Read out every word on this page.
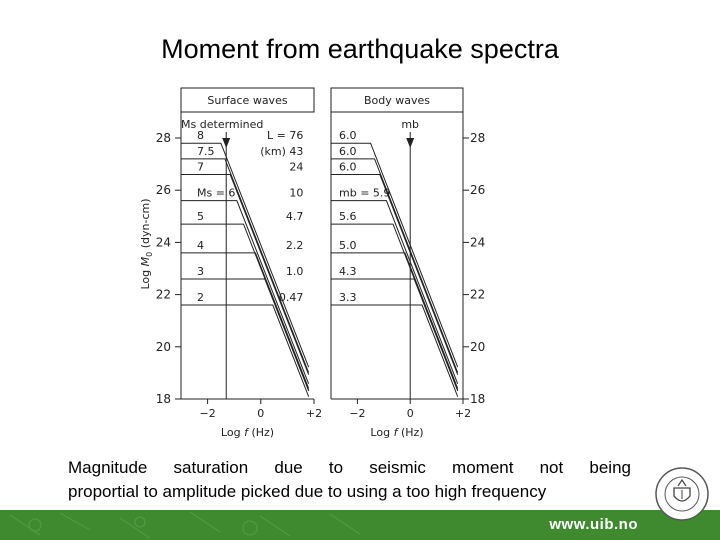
Moment from earthquake spectra
Log $M_0$ (dyn-cm)
Surface waves
−2	0	+2
Log f (Hz)
Ms determined
8	L = 76
7.5	(km) 43
7	24
Ms = 6	10
5	4.7
4	2.2
3	1.0
2	0.47
Body waves
−2	0	+2
Log f (Hz)
mb
6.0
6.0
6.0
mb = 5.9
5.6
5.0
4.3
3.3
28	28
26	26
24	24
22	22
20	20
18	18
Magnitude saturation due to seismic moment not being
proportial to amplitude picked due to using a too high frequency
www.uib.no
